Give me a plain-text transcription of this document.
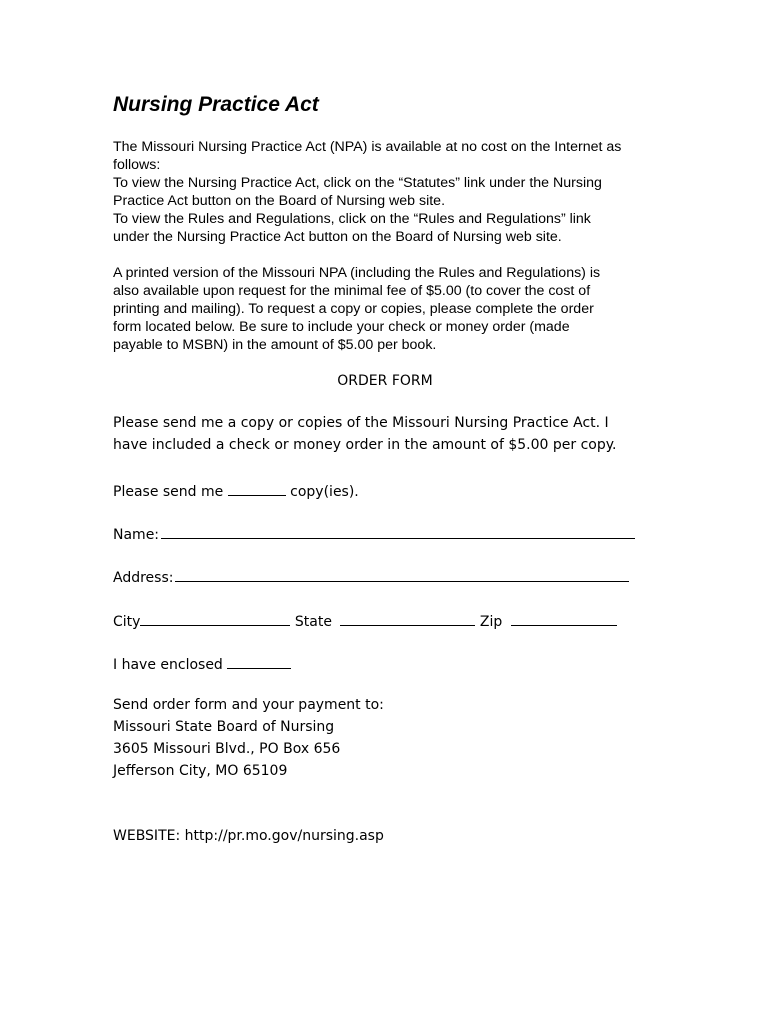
Nursing Practice Act

The Missouri Nursing Practice Act (NPA) is available at no cost on the Internet as
follows:
To view the Nursing Practice Act, click on the “Statutes” link under the Nursing
Practice Act button on the Board of Nursing web site.
To view the Rules and Regulations, click on the “Rules and Regulations” link
under the Nursing Practice Act button on the Board of Nursing web site.

A printed version of the Missouri NPA (including the Rules and Regulations) is
also available upon request for the minimal fee of $5.00 (to cover the cost of
printing and mailing). To request a copy or copies, please complete the order
form located below. Be sure to include your check or money order (made
payable to MSBN) in the amount of $5.00 per book.

ORDER FORM
Please send me a copy or copies of the Missouri Nursing Practice Act. I
have included a check or money order in the amount of $5.00 per copy.
Please send me	copy(ies).
Name:
Address:
City	State	Zip
I have enclosed
Send order form and your payment to:
Missouri State Board of Nursing
3605 Missouri Blvd., PO Box 656
Jefferson City, MO 65109
WEBSITE: http://pr.mo.gov/nursing.asp
